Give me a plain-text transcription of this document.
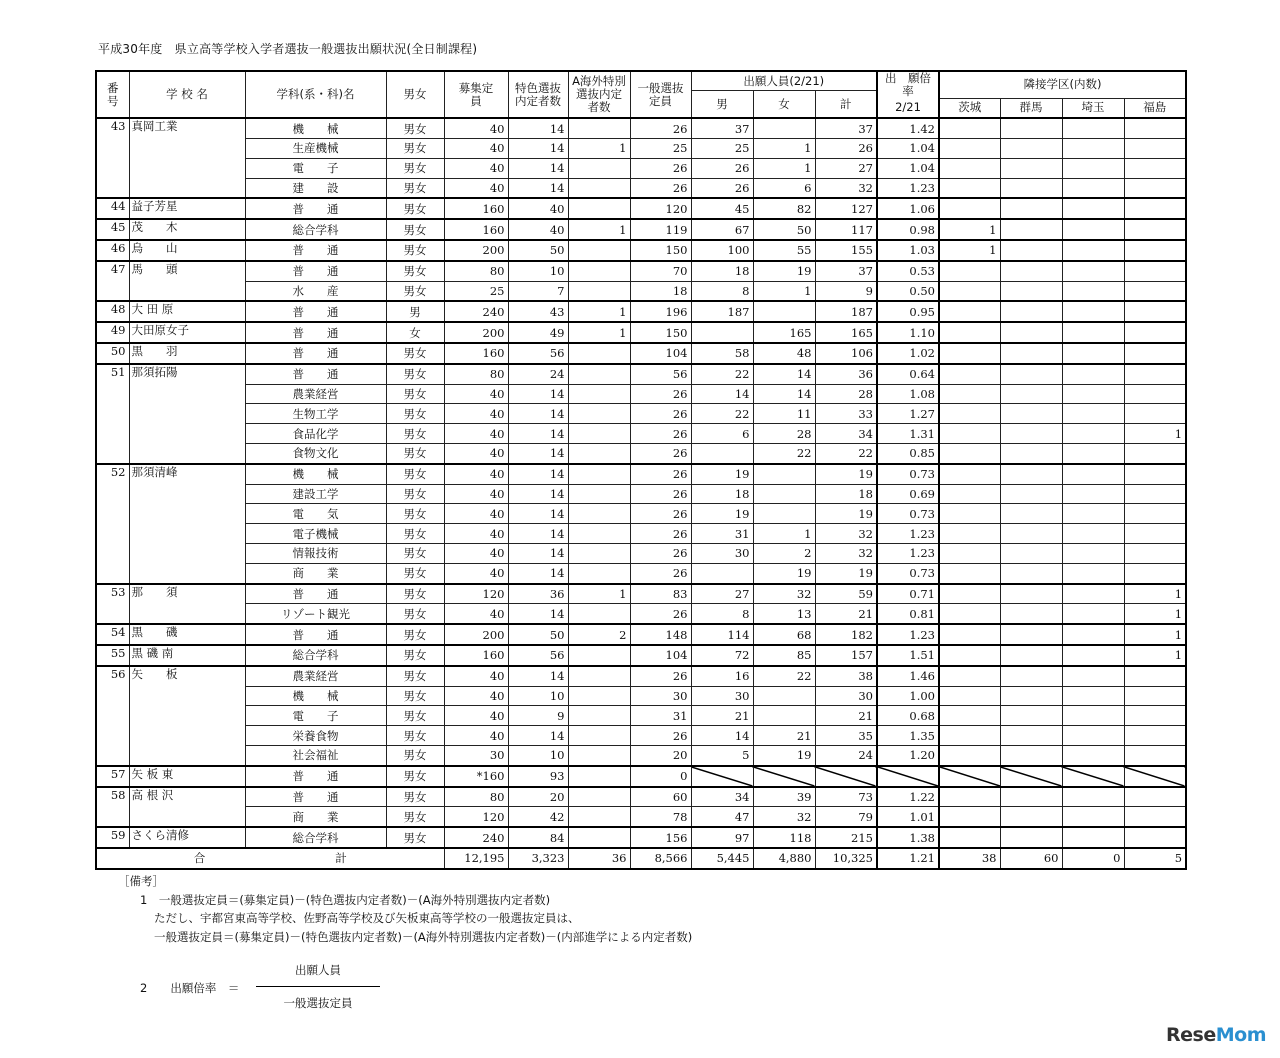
平成30年度　県立高等学校入学者選抜一般選抜出願状況(全日制課程)
番号	学 校 名	学科(系・科)名	男女	募集定員	特色選抜内定者数	A海外特別選抜内定者数	一般選抜定員	出願人員(2/21)			出　願倍　率	隣接学区(内数)			
								男	女	計					
											2/21	茨城	群馬	埼玉	福島
43	真岡工業	機　　械	男女	40	14		26	37		37	1.42				
		生産機械	男女	40	14	1	25	25	1	26	1.04				
		電　　子	男女	40	14		26	26	1	27	1.04				
		建　　設	男女	40	14		26	26	6	32	1.23				
44	益子芳星	普　　通	男女	160	40		120	45	82	127	1.06				
45	茂　　木	総合学科	男女	160	40	1	119	67	50	117	0.98	1			
46	烏　　山	普　　通	男女	200	50		150	100	55	155	1.03	1			
47	馬　　頭	普　　通	男女	80	10		70	18	19	37	0.53				
		水　　産	男女	25	7		18	8	1	9	0.50				
48	大 田 原	普　　通	男	240	43	1	196	187		187	0.95				
49	大田原女子	普　　通	女	200	49	1	150		165	165	1.10				
50	黒　　羽	普　　通	男女	160	56		104	58	48	106	1.02				
51	那須拓陽	普　　通	男女	80	24		56	22	14	36	0.64				
		農業経営	男女	40	14		26	14	14	28	1.08				
		生物工学	男女	40	14		26	22	11	33	1.27				
		食品化学	男女	40	14		26	6	28	34	1.31				1
		食物文化	男女	40	14		26		22	22	0.85				
52	那須清峰	機　　械	男女	40	14		26	19		19	0.73				
		建設工学	男女	40	14		26	18		18	0.69				
		電　　気	男女	40	14		26	19		19	0.73				
		電子機械	男女	40	14		26	31	1	32	1.23				
		情報技術	男女	40	14		26	30	2	32	1.23				
		商　　業	男女	40	14		26		19	19	0.73				
53	那　　須	普　　通	男女	120	36	1	83	27	32	59	0.71				1
		リゾート観光	男女	40	14		26	8	13	21	0.81				1
54	黒　　磯	普　　通	男女	200	50	2	148	114	68	182	1.23				1
55	黒 磯 南	総合学科	男女	160	56		104	72	85	157	1.51				1
56	矢　　板	農業経営	男女	40	14		26	16	22	38	1.46				
		機　　械	男女	40	10		30	30		30	1.00				
		電　　子	男女	40	9		31	21		21	0.68				
		栄養食物	男女	40	14		26	14	21	35	1.35				
		社会福祉	男女	30	10		20	5	19	24	1.20				
57	矢 板 東	普　　通	男女	*160	93		0								
58	高 根 沢	普　　通	男女	80	20		60	34	39	73	1.22				
		商　　業	男女	120	42		78	47	32	79	1.01				
59	さくら清修	総合学科	男女	240	84		156	97	118	215	1.38				
合 計				12,195	3,323	36	8,566	5,445	4,880	10,325	1.21	38	60	0	5
［備考］
1　一般選抜定員＝(募集定員)－(特色選抜内定者数)－(A海外特別選抜内定者数)
ただし、宇都宮東高等学校、佐野高等学校及び矢板東高等学校の一般選抜定員は、
一般選抜定員＝(募集定員)－(特色選抜内定者数)－(A海外特別選抜内定者数)－(内部進学による内定者数)
2　　出願倍率　＝
出願人員
一般選抜定員
ReseMom
